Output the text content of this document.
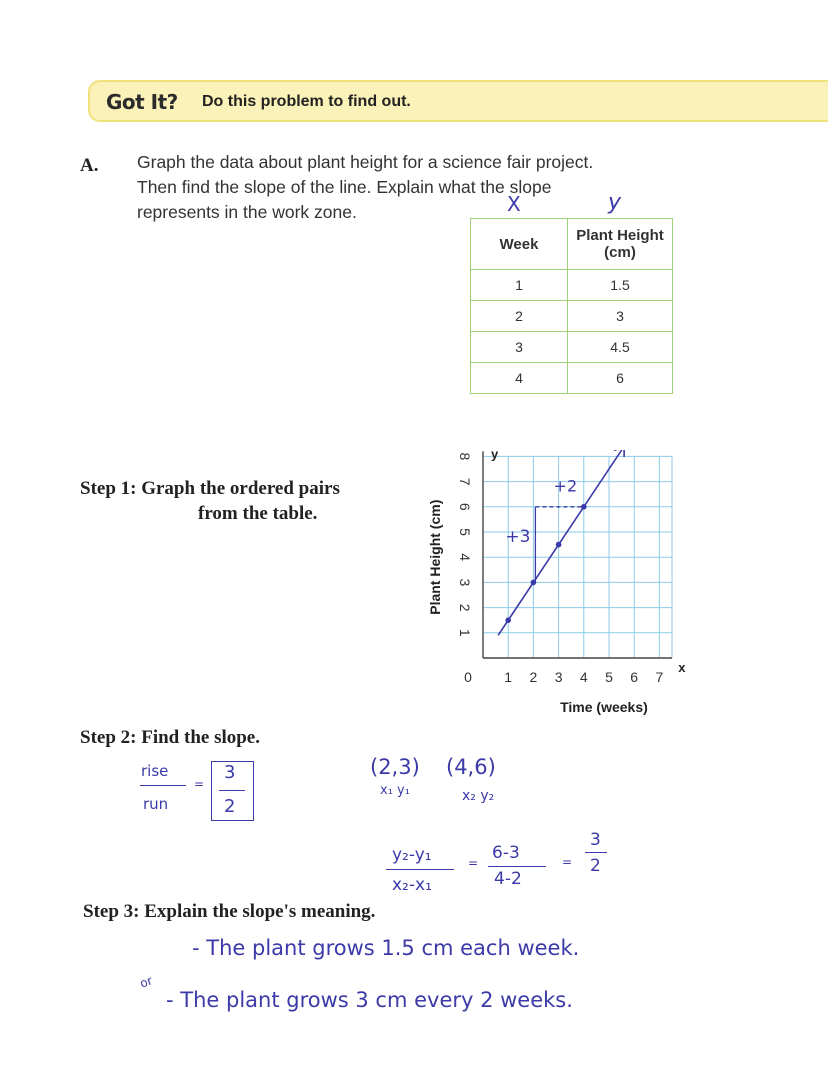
Got It? Do this problem to find out.
A. Graph the data about plant height for a science fair project.
Then find the slope of the line. Explain what the slope
represents in the work zone.	X	y
Week	Plant Height
(cm)

1	1.5
2	3
3	4.5
4	6
Step 1: Graph the ordered pairs
from the table.
1 2 3 4 5 6 7
1
2
3
4
5
6
7
8
0
Time (weeks)
Plant Height (cm)
x
y
+3
+2
Step 2: Find the slope.
rise
run
=
3
2
(2,3) (4,6)
x₁ y₁	x₂ y₂
y₂-y₁
x₂-x₁
= 6-3
4-2
=
3
2
Step 3: Explain the slope's meaning.
- The plant grows 1.5 cm each week.
or
- The plant grows 3 cm every 2 weeks.
